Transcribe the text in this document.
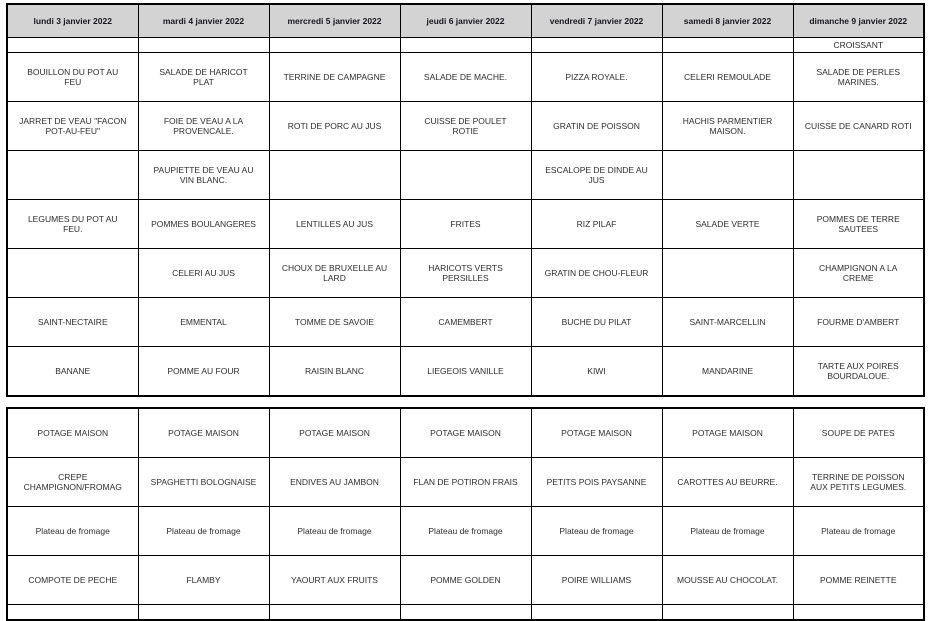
lundi 3 janvier 2022	mardi 4 janvier 2022	mercredi 5 janvier 2022	jeudi 6 janvier 2022	vendredi 7 janvier 2022	samedi 8 janvier 2022	dimanche 9 janvier 2022
						CROISSANT
BOUILLON DU POT AU FEU	SALADE DE HARICOT PLAT	TERRINE DE CAMPAGNE	SALADE DE MACHE.	PIZZA ROYALE.	CELERI REMOULADE	SALADE DE PERLES MARINES.
JARRET DE VEAU "FACON POT-AU-FEU"	FOIE DE VEAU A LA PROVENCALE.	ROTI DE PORC AU JUS	CUISSE DE POULET ROTIE	GRATIN DE POISSON	HACHIS PARMENTIER MAISON.	CUISSE DE CANARD ROTI
	PAUPIETTE DE VEAU AU VIN BLANC.			ESCALOPE DE DINDE AU JUS		
LEGUMES DU POT AU FEU.	POMMES BOULANGERES	LENTILLES AU JUS	FRITES	RIZ PILAF	SALADE VERTE	POMMES DE TERRE SAUTEES
	CELERI AU JUS	CHOUX DE BRUXELLE AU LARD	HARICOTS VERTS PERSILLES	GRATIN DE CHOU-FLEUR		CHAMPIGNON A LA CREME
SAINT-NECTAIRE	EMMENTAL	TOMME DE SAVOIE	CAMEMBERT	BUCHE DU PILAT	SAINT-MARCELLIN	FOURME D'AMBERT
BANANE	POMME AU FOUR	RAISIN BLANC	LIEGEOIS VANILLE	KIWI	MANDARINE	TARTE AUX POIRES BOURDALOUE.
POTAGE MAISON	POTAGE MAISON	POTAGE MAISON	POTAGE MAISON	POTAGE MAISON	POTAGE MAISON	SOUPE DE PATES
CREPE CHAMPIGNON/FROMAG	SPAGHETTI BOLOGNAISE	ENDIVES AU JAMBON	FLAN DE POTIRON FRAIS	PETITS POIS PAYSANNE	CAROTTES AU BEURRE.	TERRINE DE POISSON AUX PETITS LEGUMES.
Plateau de fromage	Plateau de fromage	Plateau de fromage	Plateau de fromage	Plateau de fromage	Plateau de fromage	Plateau de fromage
COMPOTE DE PECHE	FLAMBY	YAOURT AUX FRUITS	POMME GOLDEN	POIRE WILLIAMS	MOUSSE AU CHOCOLAT.	POMME REINETTE
